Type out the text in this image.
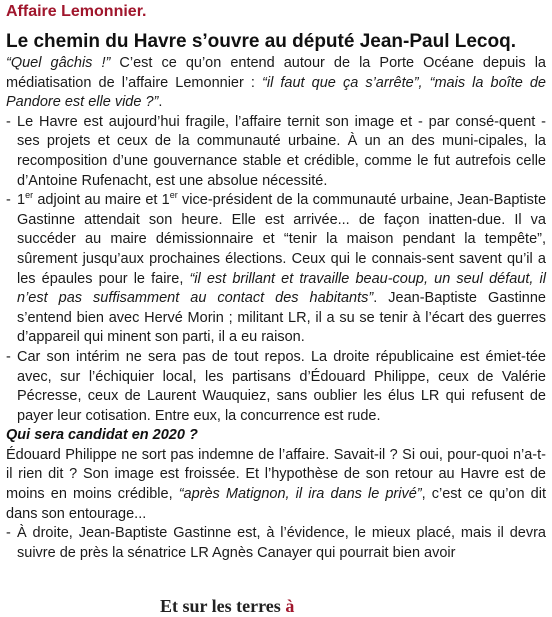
Affaire Lemonnier.
Le chemin du Havre s’ouvre au député Jean-Paul Lecoq.

“Quel gâchis !” C’est ce qu’on entend autour de la Porte Océane depuis la médiatisation de l’affaire Lemonnier : “il faut que ça s’arrête”, “mais la boîte de Pandore est elle vide ?”.

- Le Havre est aujourd’hui fragile, l’affaire ternit son image et - par consé-quent - ses projets et ceux de la communauté urbaine. À un an des muni-cipales, la recomposition d’une gouvernance stable et crédible, comme le fut autrefois celle d’Antoine Rufenacht, est une absolue nécessité.
- 1er adjoint au maire et 1er vice-président de la communauté urbaine, Jean-Baptiste Gastinne attendait son heure. Elle est arrivée... de façon inatten-due. Il va succéder au maire démissionnaire et “tenir la maison pendant la tempête”, sûrement jusqu’aux prochaines élections. Ceux qui le connais-sent savent qu’il a les épaules pour le faire, “il est brillant et travaille beau-coup, un seul défaut, il n’est pas suffisamment au contact des habitants”. Jean-Baptiste Gastinne s’entend bien avec Hervé Morin ; militant LR, il a su se tenir à l’écart des guerres d’appareil qui minent son parti, il a eu raison.
- Car son intérim ne sera pas de tout repos. La droite républicaine est émiet-tée avec, sur l’échiquier local, les partisans d’Édouard Philippe, ceux de Valérie Pécresse, ceux de Laurent Wauquiez, sans oublier les élus LR qui refusent de payer leur cotisation. Entre eux, la concurrence est rude.
Qui sera candidat en 2020 ?

Édouard Philippe ne sort pas indemne de l’affaire. Savait-il ? Si oui, pour-quoi n’a-t-il rien dit ? Son image est froissée. Et l’hypothèse de son retour au Havre est de moins en moins crédible, “après Matignon, il ira dans le privé”, c’est ce qu’on dit dans son entourage...

- À droite, Jean-Baptiste Gastinne est, à l’évidence, le mieux placé, mais il devra suivre de près la sénatrice LR Agnès Canayer qui pourrait bien avoir
Et sur les terres à
